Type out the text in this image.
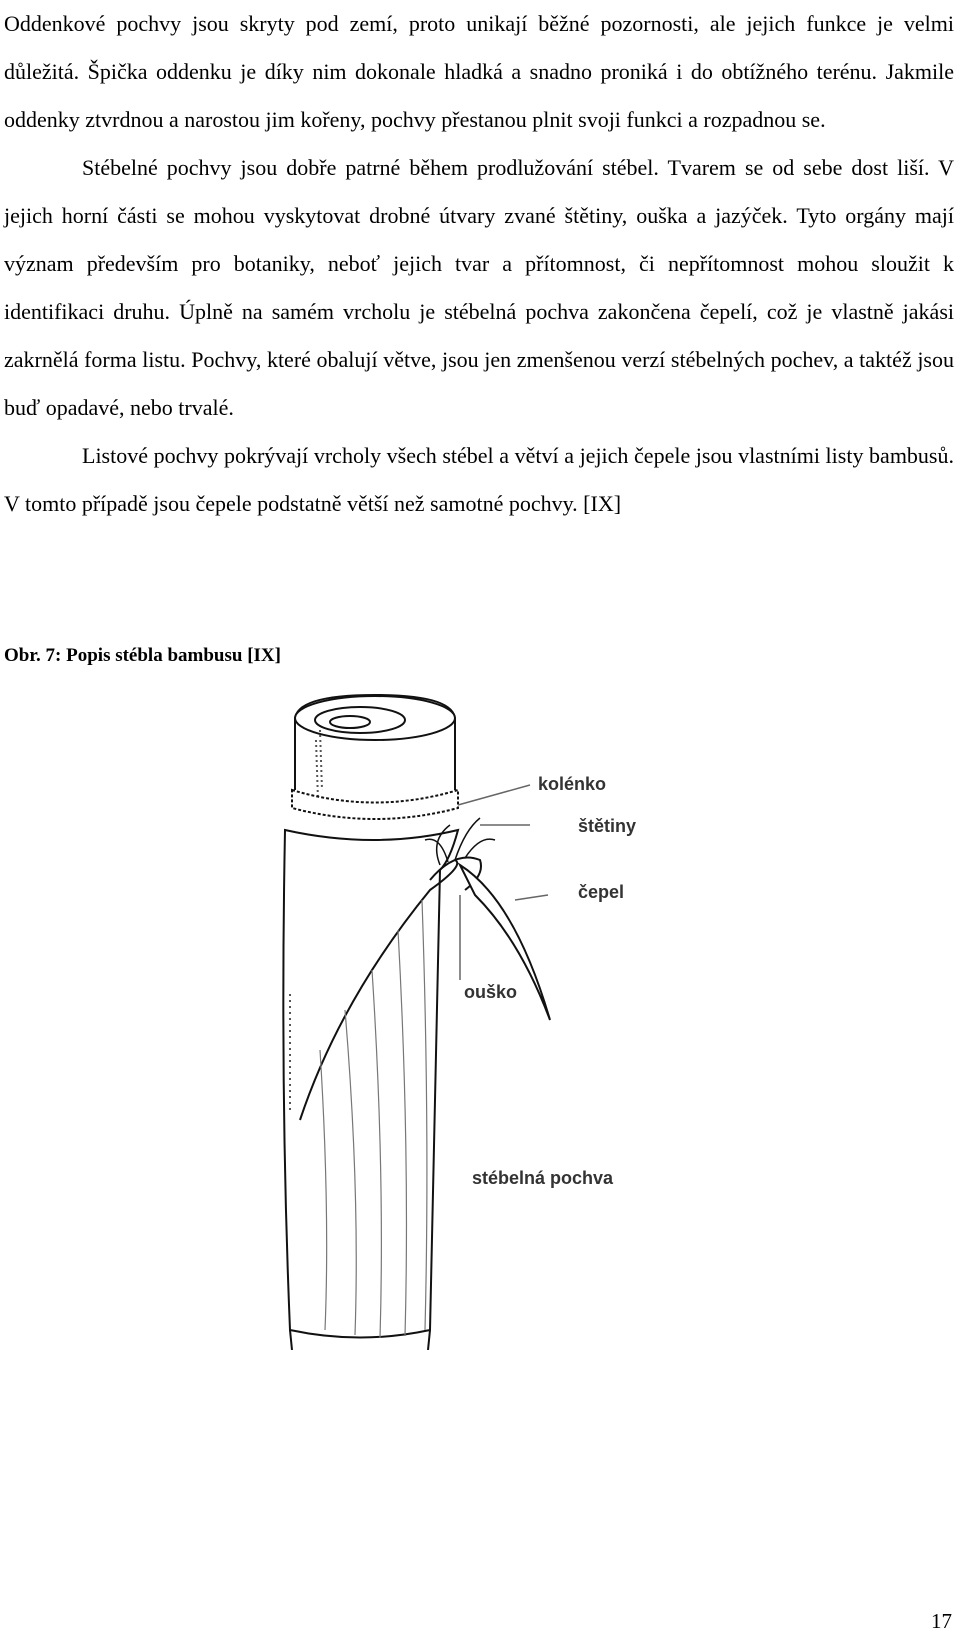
Oddenkové pochvy jsou skryty pod zemí, proto unikají běžné pozornosti, ale jejich funkce je velmi důležitá. Špička oddenku je díky nim dokonale hladká a snadno proniká i do obtížného terénu. Jakmile oddenky ztvrdnou a narostou jim kořeny, pochvy přestanou plnit svoji funkci a rozpadnou se.

Stébelné pochvy jsou dobře patrné během prodlužování stébel. Tvarem se od sebe dost liší. V jejich horní části se mohou vyskytovat drobné útvary zvané štětiny, ouška a jazýček. Tyto orgány mají význam především pro botaniky, neboť jejich tvar a přítomnost, či nepřítomnost mohou sloužit k identifikaci druhu. Úplně na samém vrcholu je stébelná pochva zakončena čepelí, což je vlastně jakási zakrnělá forma listu. Pochvy, které obalují větve, jsou jen zmenšenou verzí stébelných pochev, a taktéž jsou buď opadavé, nebo trvalé.

Listové pochvy pokrývají vrcholy všech stébel a větví a jejich čepele jsou vlastními listy bambusů. V tomto případě jsou čepele podstatně větší než samotné pochvy. [IX]

Obr. 7: Popis stébla bambusu [IX]
kolénko
štětiny
čepel
ouško
stébelná pochva
17
